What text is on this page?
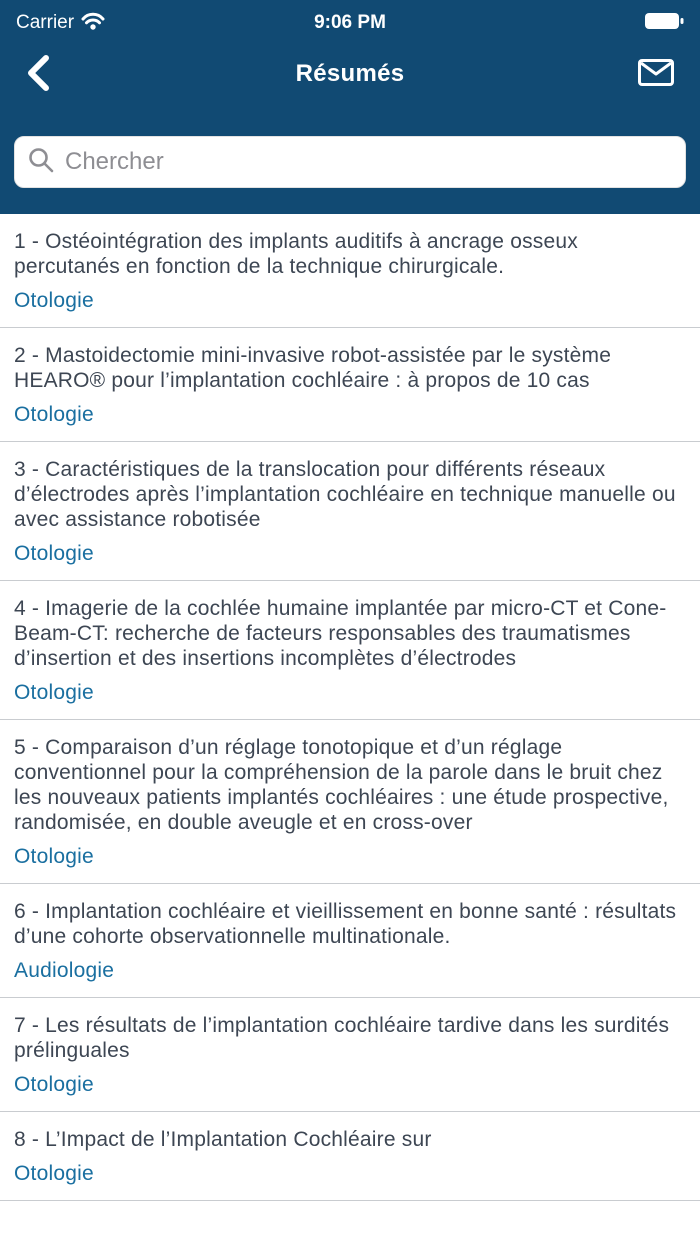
Carrier	9:06 PM
Résumés
Chercher
1 - Ostéointégration des implants auditifs à ancrage osseux percutanés en fonction de la technique chirurgicale.
Otologie
2 - Mastoidectomie mini-invasive robot-assistée par le système HEARO® pour l’implantation cochléaire : à propos de 10 cas
Otologie
3 - Caractéristiques de la translocation pour différents réseaux d’électrodes après l’implantation cochléaire en technique manuelle ou avec assistance robotisée
Otologie
4 - Imagerie de la cochlée humaine implantée par micro-CT et Cone-Beam-CT: recherche de facteurs responsables des traumatismes d’insertion et des insertions incomplètes d’électrodes
Otologie
5 - Comparaison d’un réglage tonotopique et d’un réglage conventionnel pour la compréhension de la parole dans le bruit chez les nouveaux patients implantés cochléaires : une étude prospective, randomisée, en double aveugle et en cross-over
Otologie
6 - Implantation cochléaire et vieillissement en bonne santé : résultats d’une cohorte observationnelle multinationale.
Audiologie
7 - Les résultats de l’implantation cochléaire tardive dans les surdités prélinguales
Otologie
8 - L’Impact de l’Implantation Cochléaire sur
Otologie
